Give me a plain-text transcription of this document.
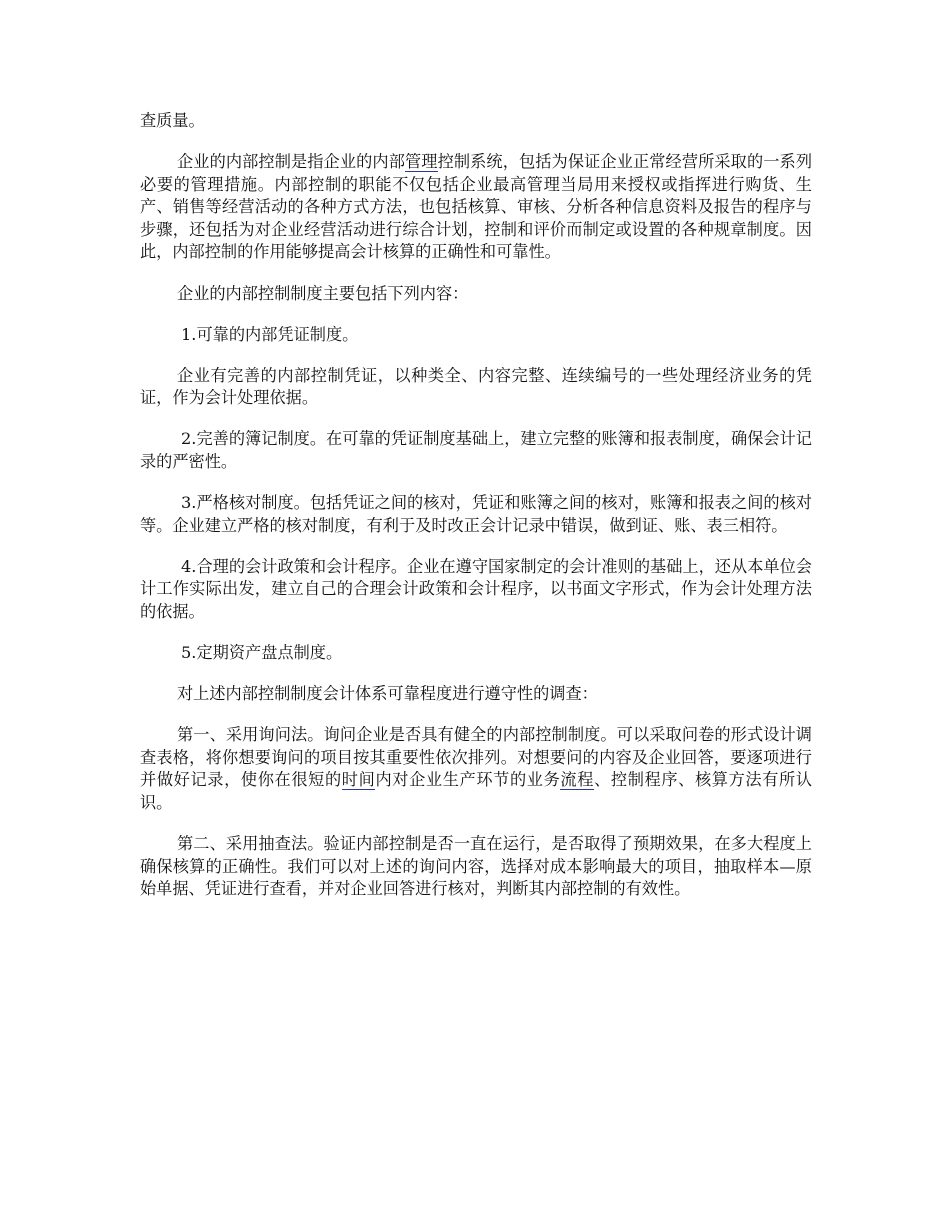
查质量。

企业的内部控制是指企业的内部管理控制系统，包括为保证企业正常经营所采取的一系列必要的管理措施。内部控制的职能不仅包括企业最高管理当局用来授权或指挥进行购货、生产、销售等经营活动的各种方式方法，也包括核算、审核、分析各种信息资料及报告的程序与步骤，还包括为对企业经营活动进行综合计划，控制和评价而制定或设置的各种规章制度。因此，内部控制的作用能够提高会计核算的正确性和可靠性。

企业的内部控制制度主要包括下列内容：

1.可靠的内部凭证制度。

企业有完善的内部控制凭证，以种类全、内容完整、连续编号的一些处理经济业务的凭证，作为会计处理依据。

2.完善的簿记制度。在可靠的凭证制度基础上，建立完整的账簿和报表制度，确保会计记录的严密性。

3.严格核对制度。包括凭证之间的核对，凭证和账簿之间的核对，账簿和报表之间的核对等。企业建立严格的核对制度，有利于及时改正会计记录中错误，做到证、账、表三相符。

4.合理的会计政策和会计程序。企业在遵守国家制定的会计准则的基础上，还从本单位会计工作实际出发，建立自己的合理会计政策和会计程序，以书面文字形式，作为会计处理方法的依据。

5.定期资产盘点制度。

对上述内部控制制度会计体系可靠程度进行遵守性的调查：

第一、采用询问法。询问企业是否具有健全的内部控制制度。可以采取问卷的形式设计调查表格，将你想要询问的项目按其重要性依次排列。对想要问的内容及企业回答，要逐项进行并做好记录，使你在很短的时间内对企业生产环节的业务流程、控制程序、核算方法有所认识。

第二、采用抽查法。验证内部控制是否一直在运行，是否取得了预期效果，在多大程度上确保核算的正确性。我们可以对上述的询问内容，选择对成本影响最大的项目，抽取样本—原始单据、凭证进行查看，并对企业回答进行核对，判断其内部控制的有效性。
